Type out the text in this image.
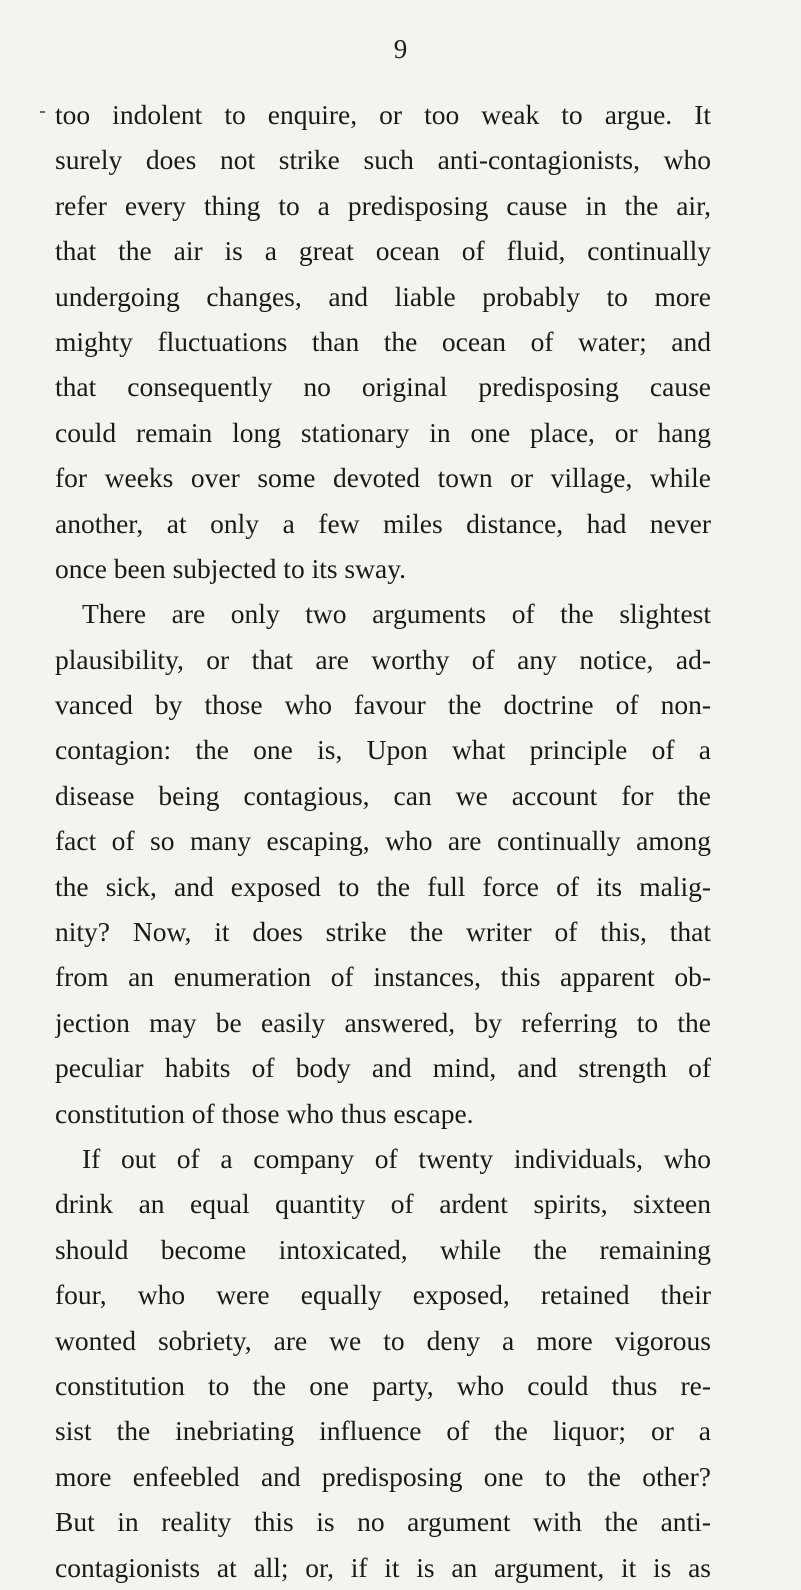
9
too indolent to enquire, or too weak to argue. It
surely does not strike such anti-contagionists, who
refer every thing to a predisposing cause in the air,
that the air is a great ocean of fluid, continually
undergoing changes, and liable probably to more
mighty fluctuations than the ocean of water; and
that consequently no original predisposing cause
could remain long stationary in one place, or hang
for weeks over some devoted town or village, while
another, at only a few miles distance, had never
once been subjected to its sway.
There are only two arguments of the slightest
plausibility, or that are worthy of any notice, ad-
vanced by those who favour the doctrine of non-
contagion: the one is, Upon what principle of a
disease being contagious, can we account for the
fact of so many escaping, who are continually among
the sick, and exposed to the full force of its malig-
nity? Now, it does strike the writer of this, that
from an enumeration of instances, this apparent ob-
jection may be easily answered, by referring to the
peculiar habits of body and mind, and strength of
constitution of those who thus escape.
If out of a company of twenty individuals, who
drink an equal quantity of ardent spirits, sixteen
should become intoxicated, while the remaining
four, who were equally exposed, retained their
wonted sobriety, are we to deny a more vigorous
constitution to the one party, who could thus re-
sist the inebriating influence of the liquor; or a
more enfeebled and predisposing one to the other?
But in reality this is no argument with the anti-
contagionists at all; or, if it is an argument, it is as
